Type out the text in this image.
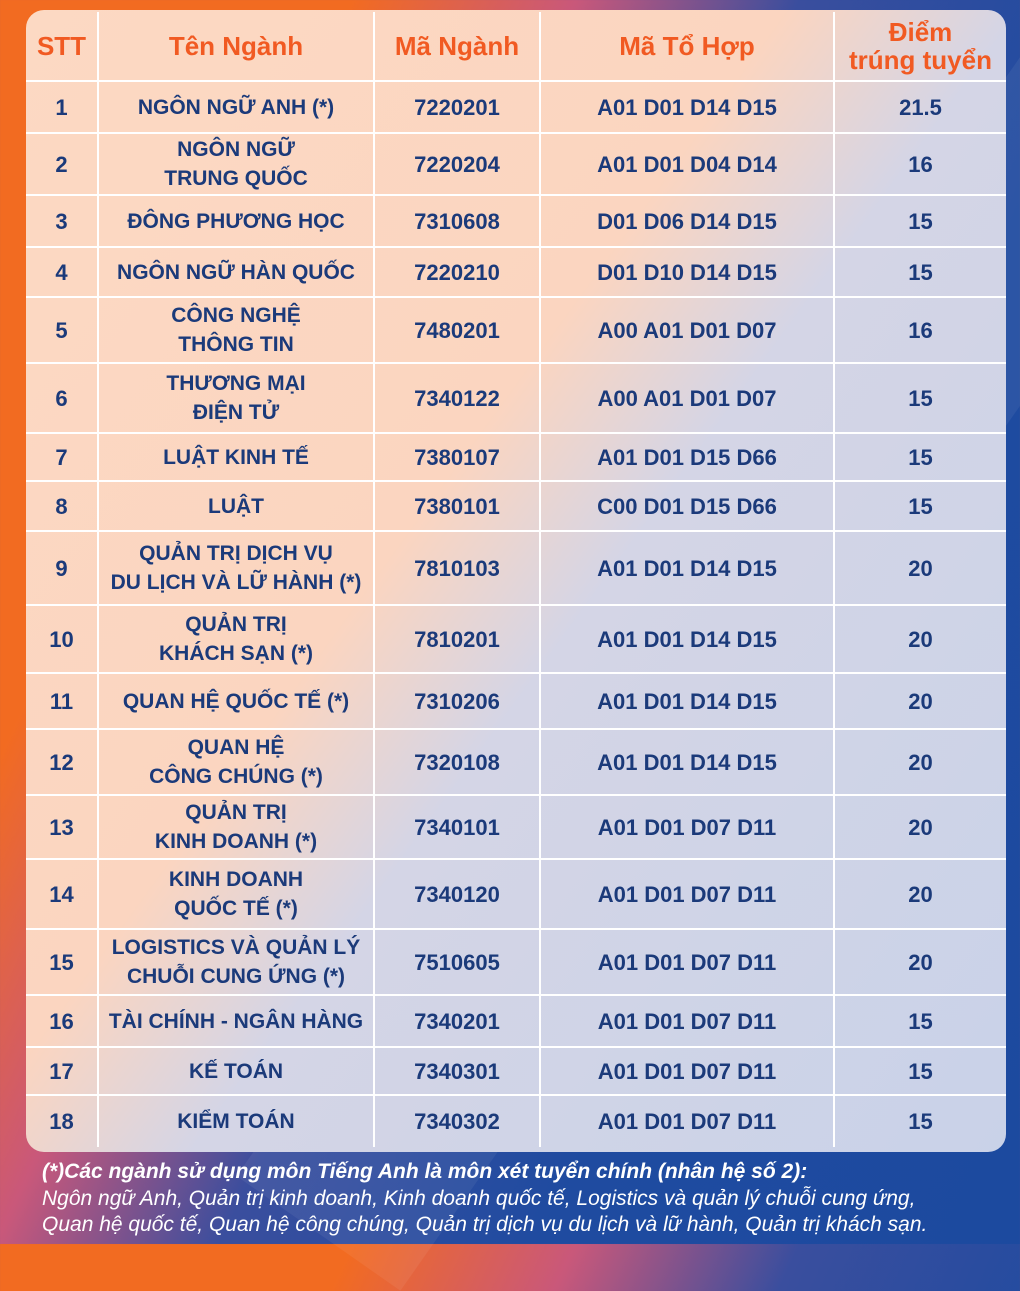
STT	Tên Ngành	Mã Ngành	Mã Tổ Hợp	Điểm
trúng tuyển

1	NGÔN NGỮ ANH (*)	7220201	A01 D01 D14 D15	21.5
2	NGÔN NGỮ
TRUNG QUỐC	7220204	A01 D01 D04 D14	16
3	ĐÔNG PHƯƠNG HỌC	7310608	D01 D06 D14 D15	15
4	NGÔN NGỮ HÀN QUỐC	7220210	D01 D10 D14 D15	15
5	CÔNG NGHỆ
THÔNG TIN	7480201	A00 A01 D01 D07	16
6	THƯƠNG MẠI
ĐIỆN TỬ	7340122	A00 A01 D01 D07	15
7	LUẬT KINH TẾ	7380107	A01 D01 D15 D66	15
8	LUẬT	7380101	C00 D01 D15 D66	15
9	QUẢN TRỊ DỊCH VỤ
DU LỊCH VÀ LỮ HÀNH (*)	7810103	A01 D01 D14 D15	20
10	QUẢN TRỊ
KHÁCH SẠN (*)	7810201	A01 D01 D14 D15	20
11	QUAN HỆ QUỐC TẾ (*)	7310206	A01 D01 D14 D15	20
12	QUAN HỆ
CÔNG CHÚNG (*)	7320108	A01 D01 D14 D15	20
13	QUẢN TRỊ
KINH DOANH (*)	7340101	A01 D01 D07 D11	20
14	KINH DOANH
QUỐC TẾ (*)	7340120	A01 D01 D07 D11	20
15	LOGISTICS VÀ QUẢN LÝ
CHUỖI CUNG ỨNG (*)	7510605	A01 D01 D07 D11	20
16	TÀI CHÍNH - NGÂN HÀNG	7340201	A01 D01 D07 D11	15
17	KẾ TOÁN	7340301	A01 D01 D07 D11	15
18	KIỂM TOÁN	7340302	A01 D01 D07 D11	15
(*)Các ngành sử dụng môn Tiếng Anh là môn xét tuyển chính (nhân hệ số 2):
Ngôn ngữ Anh, Quản trị kinh doanh, Kinh doanh quốc tế, Logistics và quản lý chuỗi cung ứng,
Quan hệ quốc tế, Quan hệ công chúng, Quản trị dịch vụ du lịch và lữ hành, Quản trị khách sạn.
